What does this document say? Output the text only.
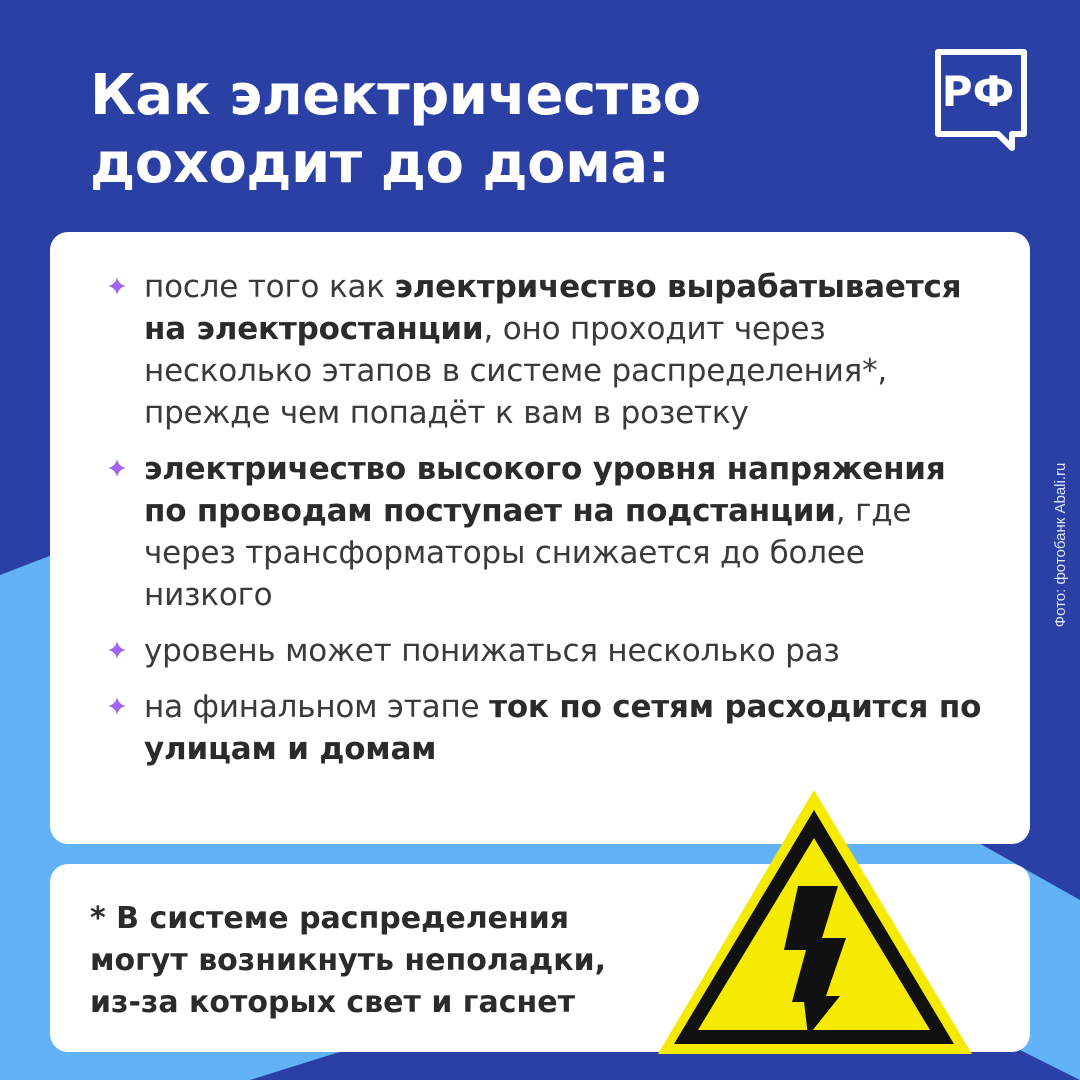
Как электричество
доходит до дома:
РФ
Фото: фотобанк Abali.ru
после того как электричество вырабатывается на электростанции, оно проходит через несколько этапов в системе распределения*, прежде чем попадёт к вам в розетку
электричество высокого уровня напряжения по проводам поступает на подстанции, где через трансформаторы снижается до более низкого
уровень может понижаться несколько раз
на финальном этапе ток по сетям расходится по улицам и домам
* В системе распределения
могут возникнуть неполадки,
из-за которых свет и гаснет
